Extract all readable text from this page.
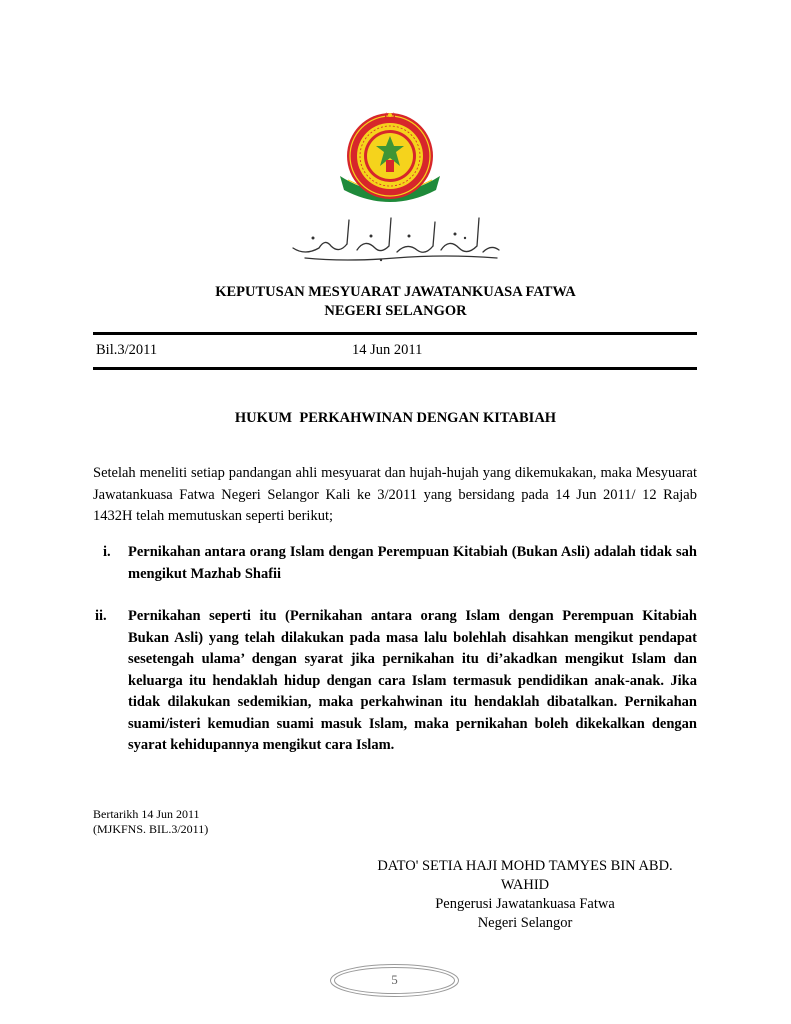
KEPUTUSAN MESYUARAT JAWATANKUASA FATWA
NEGERI SELANGOR
Bil.3/2011	14 Jun 2011
HUKUM  PERKAHWINAN DENGAN KITABIAH

Setelah meneliti setiap pandangan ahli mesyuarat dan hujah-hujah yang dikemukakan, maka Mesyuarat Jawatankuasa Fatwa Negeri Selangor Kali ke 3/2011 yang bersidang pada 14 Jun 2011/ 12 Rajab 1432H telah memutuskan seperti berikut;

i. Pernikahan antara orang Islam dengan Perempuan Kitabiah (Bukan Asli) adalah tidak sah mengikut Mazhab Shafii
ii. Pernikahan seperti itu (Pernikahan antara orang Islam dengan Perempuan Kitabiah Bukan Asli) yang telah dilakukan pada masa lalu bolehlah disahkan mengikut pendapat sesetengah ulama’ dengan syarat jika pernikahan itu di’akadkan mengikut Islam dan keluarga itu hendaklah hidup dengan cara Islam termasuk pendidikan anak-anak. Jika tidak dilakukan sedemikian, maka perkahwinan itu hendaklah dibatalkan. Pernikahan suami/isteri kemudian suami masuk Islam, maka pernikahan boleh dikekalkan dengan syarat kehidupannya mengikut cara Islam.
Bertarikh 14 Jun 2011
(MJKFNS. BIL.3/2011)
DATO' SETIA HAJI MOHD TAMYES BIN ABD. WAHID
Pengerusi Jawatankuasa Fatwa
Negeri Selangor
5
